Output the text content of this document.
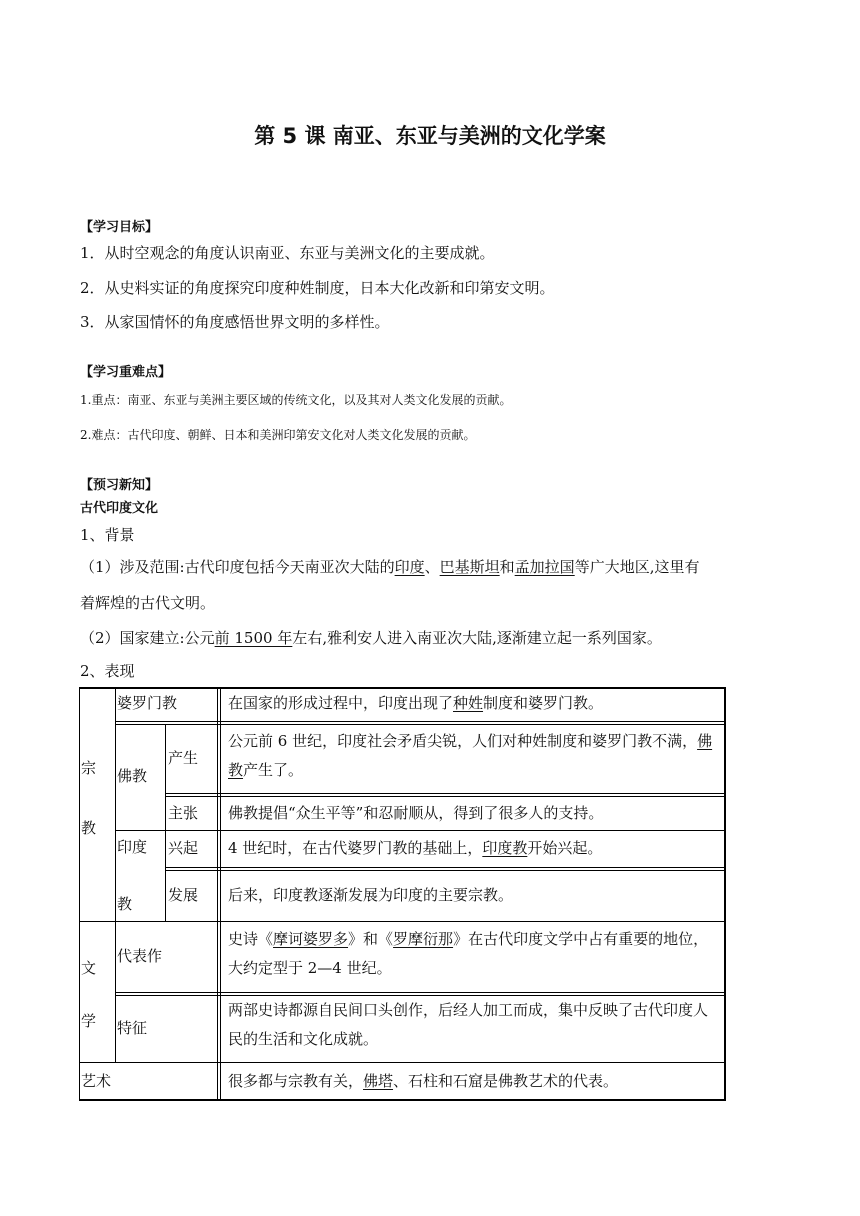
第 5 课 南亚、东亚与美洲的文化学案
【学习目标】
1．从时空观念的角度认识南亚、东亚与美洲文化的主要成就。
2．从史料实证的角度探究印度种姓制度，日本大化改新和印第安文明。
3．从家国情怀的角度感悟世界文明的多样性。
【学习重难点】
1.重点：南亚、东亚与美洲主要区域的传统文化，以及其对人类文化发展的贡献。
2.难点：古代印度、朝鲜、日本和美洲印第安文化对人类文化发展的贡献。
【预习新知】
古代印度文化
1、背景
（1）涉及范围:古代印度包括今天南亚次大陆的印度、巴基斯坦和孟加拉国等广大地区,这里有
着辉煌的古代文明。
（2）国家建立:公元前 1500 年左右,雅利安人进入南亚次大陆,逐渐建立起一系列国家。
2、表现
宗
教
婆罗门教	在国家的形成过程中，印度出现了种姓制度和婆罗门教。
佛教
产生
公元前 6 世纪，印度社会矛盾尖锐，人们对种姓制度和婆罗门教不满，佛教产生了。
主张 佛教提倡“众生平等”和忍耐顺从，得到了很多人的支持。
印度
教
兴起 4 世纪时，在古代婆罗门教的基础上，印度教开始兴起。
发展 后来，印度教逐渐发展为印度的主要宗教。
文
学
代表作
史诗《摩诃婆罗多》和《罗摩衍那》在古代印度文学中占有重要的地位，大约定型于 2—4 世纪。
特征
两部史诗都源自民间口头创作，后经人加工而成，集中反映了古代印度人民的生活和文化成就。
艺术	很多都与宗教有关，佛塔、石柱和石窟是佛教艺术的代表。
